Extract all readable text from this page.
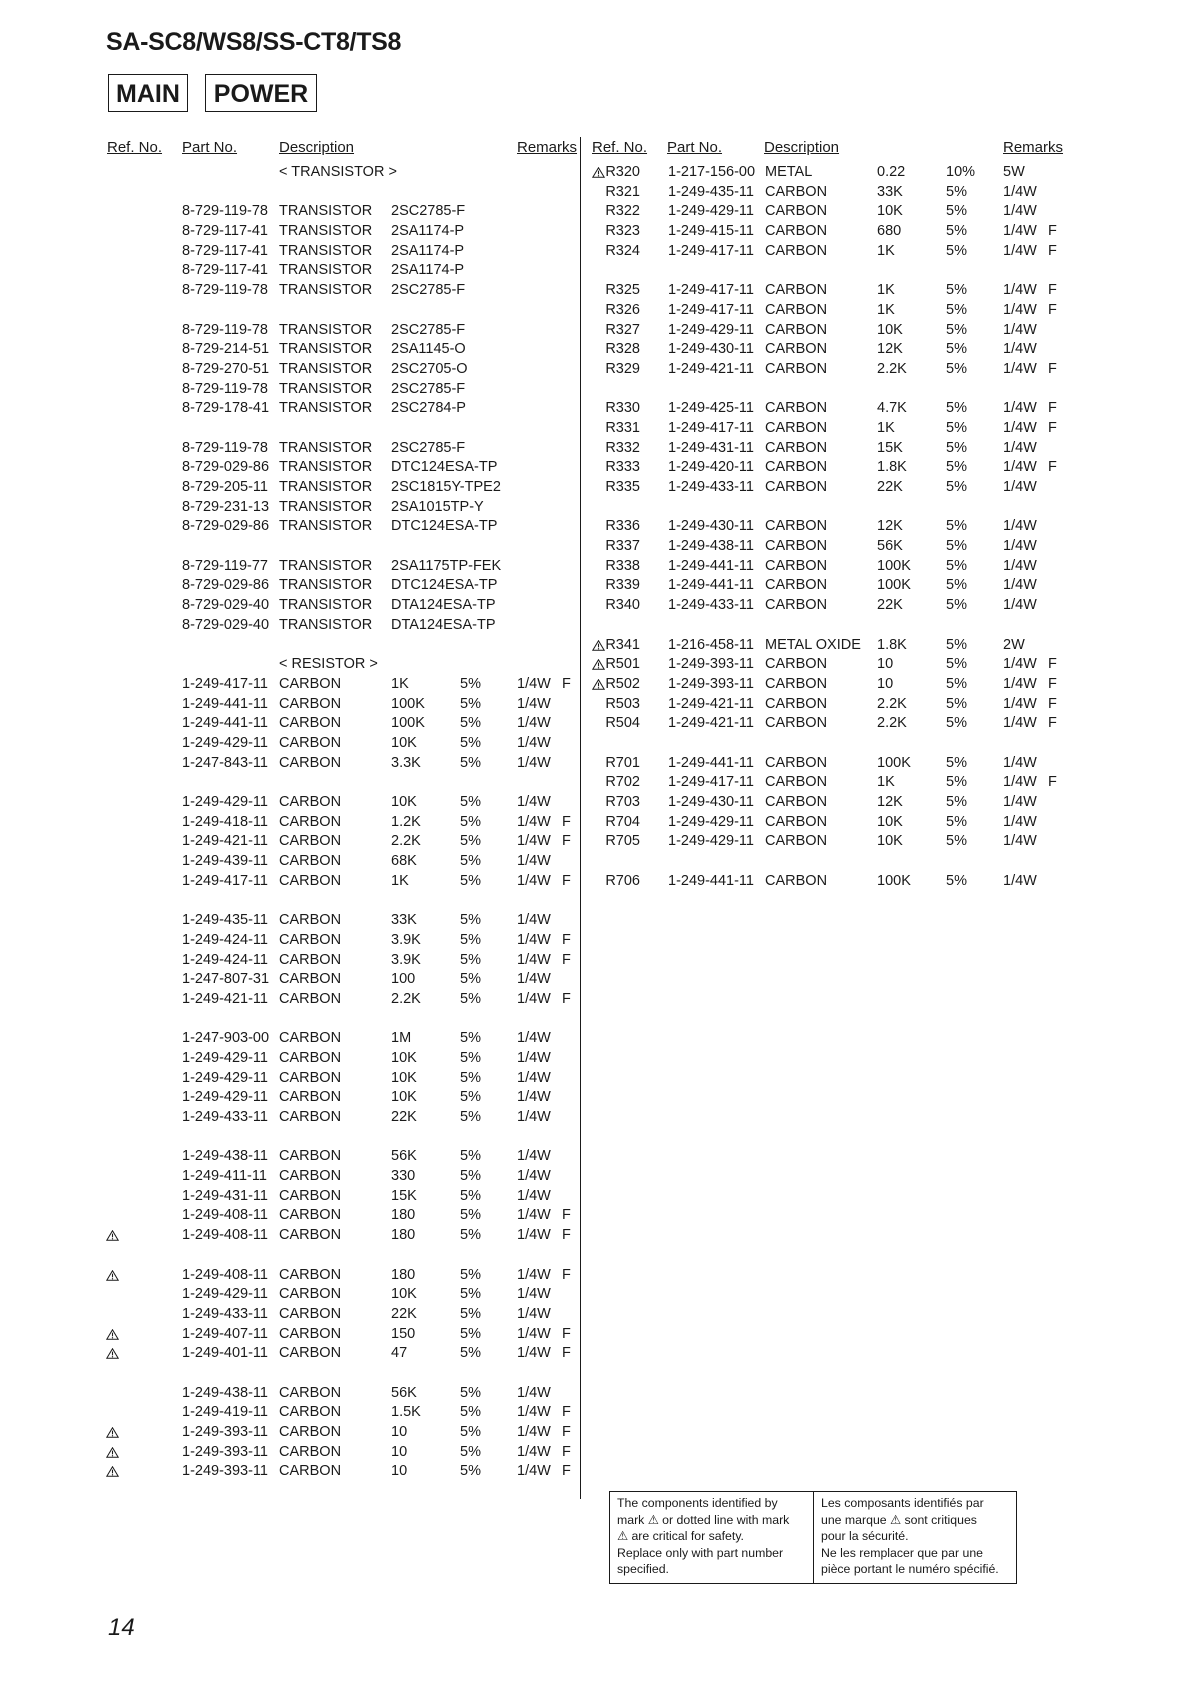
SA-SC8/WS8/SS-CT8/TS8
MAIN	POWER
Ref. No. Part No.	Description	Remarks Ref. No. Part No.	Description	Remarks
< TRANSISTOR >
8-729-119-78 TRANSISTOR 2SC2785-F
8-729-117-41 TRANSISTOR 2SA1174-P
8-729-117-41 TRANSISTOR 2SA1174-P
8-729-117-41 TRANSISTOR 2SA1174-P
8-729-119-78 TRANSISTOR 2SC2785-F
8-729-119-78 TRANSISTOR 2SC2785-F
8-729-214-51 TRANSISTOR 2SA1145-O
8-729-270-51 TRANSISTOR 2SC2705-O
8-729-119-78 TRANSISTOR 2SC2785-F
8-729-178-41 TRANSISTOR 2SC2784-P
8-729-119-78 TRANSISTOR 2SC2785-F
8-729-029-86 TRANSISTOR DTC124ESA-TP
8-729-205-11 TRANSISTOR 2SC1815Y-TPE2
8-729-231-13 TRANSISTOR 2SA1015TP-Y
8-729-029-86 TRANSISTOR DTC124ESA-TP
8-729-119-77 TRANSISTOR 2SA1175TP-FEK
8-729-029-86 TRANSISTOR DTC124ESA-TP
8-729-029-40 TRANSISTOR DTA124ESA-TP
8-729-029-40 TRANSISTOR DTA124ESA-TP
< RESISTOR >
1-249-417-11 CARBON	1K	5% 1/4W F
1-249-441-11 CARBON	100K 5% 1/4W
1-249-441-11 CARBON	100K 5% 1/4W
1-249-429-11 CARBON	10K	5% 1/4W
1-247-843-11 CARBON	3.3K	5% 1/4W
1-249-429-11 CARBON	10K	5% 1/4W
1-249-418-11 CARBON	1.2K	5% 1/4W F
1-249-421-11 CARBON	2.2K	5% 1/4W F
1-249-439-11 CARBON	68K	5% 1/4W
1-249-417-11 CARBON	1K	5% 1/4W F
1-249-435-11 CARBON	33K	5% 1/4W
1-249-424-11 CARBON	3.9K	5% 1/4W F
1-249-424-11 CARBON	3.9K	5% 1/4W F
1-247-807-31 CARBON	100	5% 1/4W
1-249-421-11 CARBON	2.2K	5% 1/4W F
1-247-903-00 CARBON	1M	5% 1/4W
1-249-429-11 CARBON	10K	5% 1/4W
1-249-429-11 CARBON	10K	5% 1/4W
1-249-429-11 CARBON	10K	5% 1/4W
1-249-433-11 CARBON	22K	5% 1/4W
1-249-438-11 CARBON	56K	5% 1/4W
1-249-411-11 CARBON	330	5% 1/4W
1-249-431-11 CARBON	15K	5% 1/4W
1-249-408-11 CARBON	180	5% 1/4W F
1-249-408-11 CARBON	180	5% 1/4W F
1-249-408-11 CARBON	180	5% 1/4W F
1-249-429-11 CARBON	10K	5% 1/4W
1-249-433-11 CARBON	22K	5% 1/4W
1-249-407-11 CARBON	150	5% 1/4W F
1-249-401-11 CARBON	47	5% 1/4W F
1-249-438-11 CARBON	56K	5% 1/4W
1-249-419-11 CARBON	1.5K	5% 1/4W F
1-249-393-11 CARBON	10	5% 1/4W F
1-249-393-11 CARBON	10	5% 1/4W F
1-249-393-11 CARBON	10	5% 1/4W F
R320 1-217-156-00 METAL	0.22	10% 5W
R321 1-249-435-11 CARBON	33K	5% 1/4W
R322 1-249-429-11 CARBON	10K	5% 1/4W
R323 1-249-415-11 CARBON	680	5% 1/4W F
R324 1-249-417-11 CARBON	1K	5% 1/4W F
R325 1-249-417-11 CARBON	1K	5% 1/4W F
R326 1-249-417-11 CARBON	1K	5% 1/4W F
R327 1-249-429-11 CARBON	10K	5% 1/4W
R328 1-249-430-11 CARBON	12K	5% 1/4W
R329 1-249-421-11 CARBON	2.2K	5% 1/4W F
R330 1-249-425-11 CARBON	4.7K	5% 1/4W F
R331 1-249-417-11 CARBON	1K	5% 1/4W F
R332 1-249-431-11 CARBON	15K	5% 1/4W
R333 1-249-420-11 CARBON	1.8K	5% 1/4W F
R335 1-249-433-11 CARBON	22K	5% 1/4W
R336 1-249-430-11 CARBON	12K	5% 1/4W
R337 1-249-438-11 CARBON	56K	5% 1/4W
R338 1-249-441-11 CARBON	100K 5% 1/4W
R339 1-249-441-11 CARBON	100K 5% 1/4W
R340 1-249-433-11 CARBON	22K	5% 1/4W
R341 1-216-458-11 METAL OXIDE 1.8K	5% 2W
R501 1-249-393-11 CARBON	10	5% 1/4W F
R502 1-249-393-11 CARBON	10	5% 1/4W F
R503 1-249-421-11 CARBON	2.2K	5% 1/4W F
R504 1-249-421-11 CARBON	2.2K	5% 1/4W F
R701 1-249-441-11 CARBON	100K 5% 1/4W
R702 1-249-417-11 CARBON	1K	5% 1/4W F
R703 1-249-430-11 CARBON	12K	5% 1/4W
R704 1-249-429-11 CARBON	10K	5% 1/4W
R705 1-249-429-11 CARBON	10K	5% 1/4W
R706 1-249-441-11 CARBON	100K 5% 1/4W
The components identified by
mark ⚠ or dotted line with mark
⚠ are critical for safety.
Replace only with part number
specified.
Les composants identifiés par
une marque ⚠ sont critiques
pour la sécurité.
Ne les remplacer que par une
pièce portant le numéro spécifié.
14
